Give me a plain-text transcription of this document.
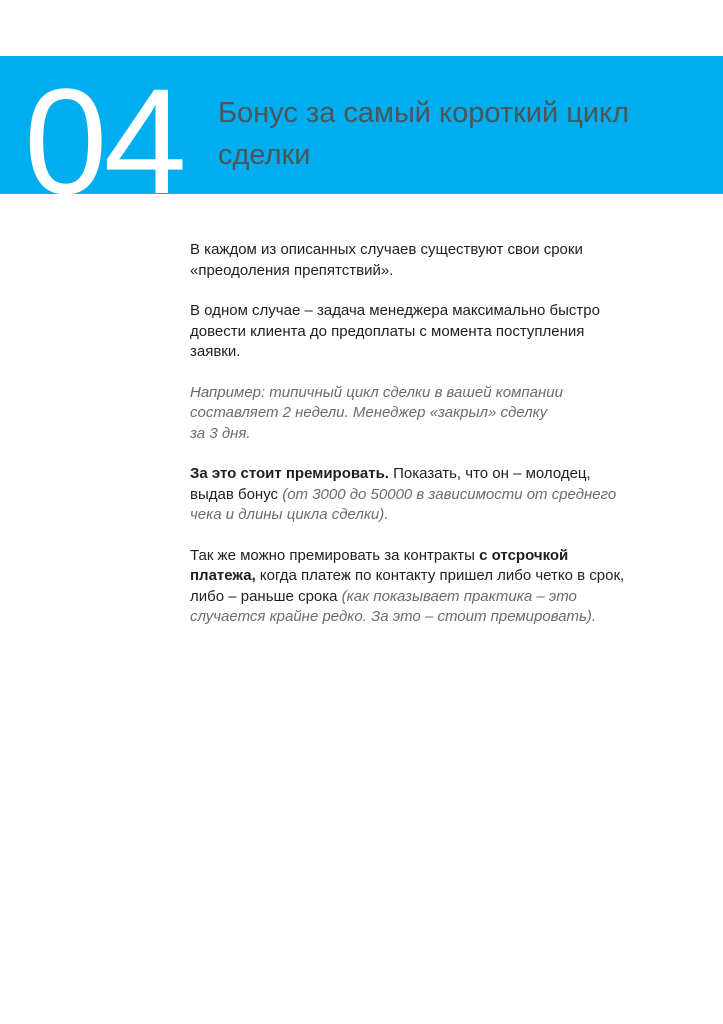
04 Бонус за самый короткий цикл сделки

В каждом из описанных случаев существуют свои сроки «преодоления препятствий».

В одном случае – задача менеджера максимально быстро довести клиента до предоплаты с момента поступления заявки.

Например: типичный цикл сделки в вашей компании
составляет 2 недели. Менеджер «закрыл» сделку
за 3 дня.

За это стоит премировать. Показать, что он – молодец, выдав бонус (от 3000 до 50000 в зависимости от среднего чека и длины цикла сделки).

Так же можно премировать за контракты с отсрочкой платежа, когда платеж по контакту пришел либо четко в срок, либо – раньше срока (как показывает практика – это случается крайне редко. За это – стоит премировать).
